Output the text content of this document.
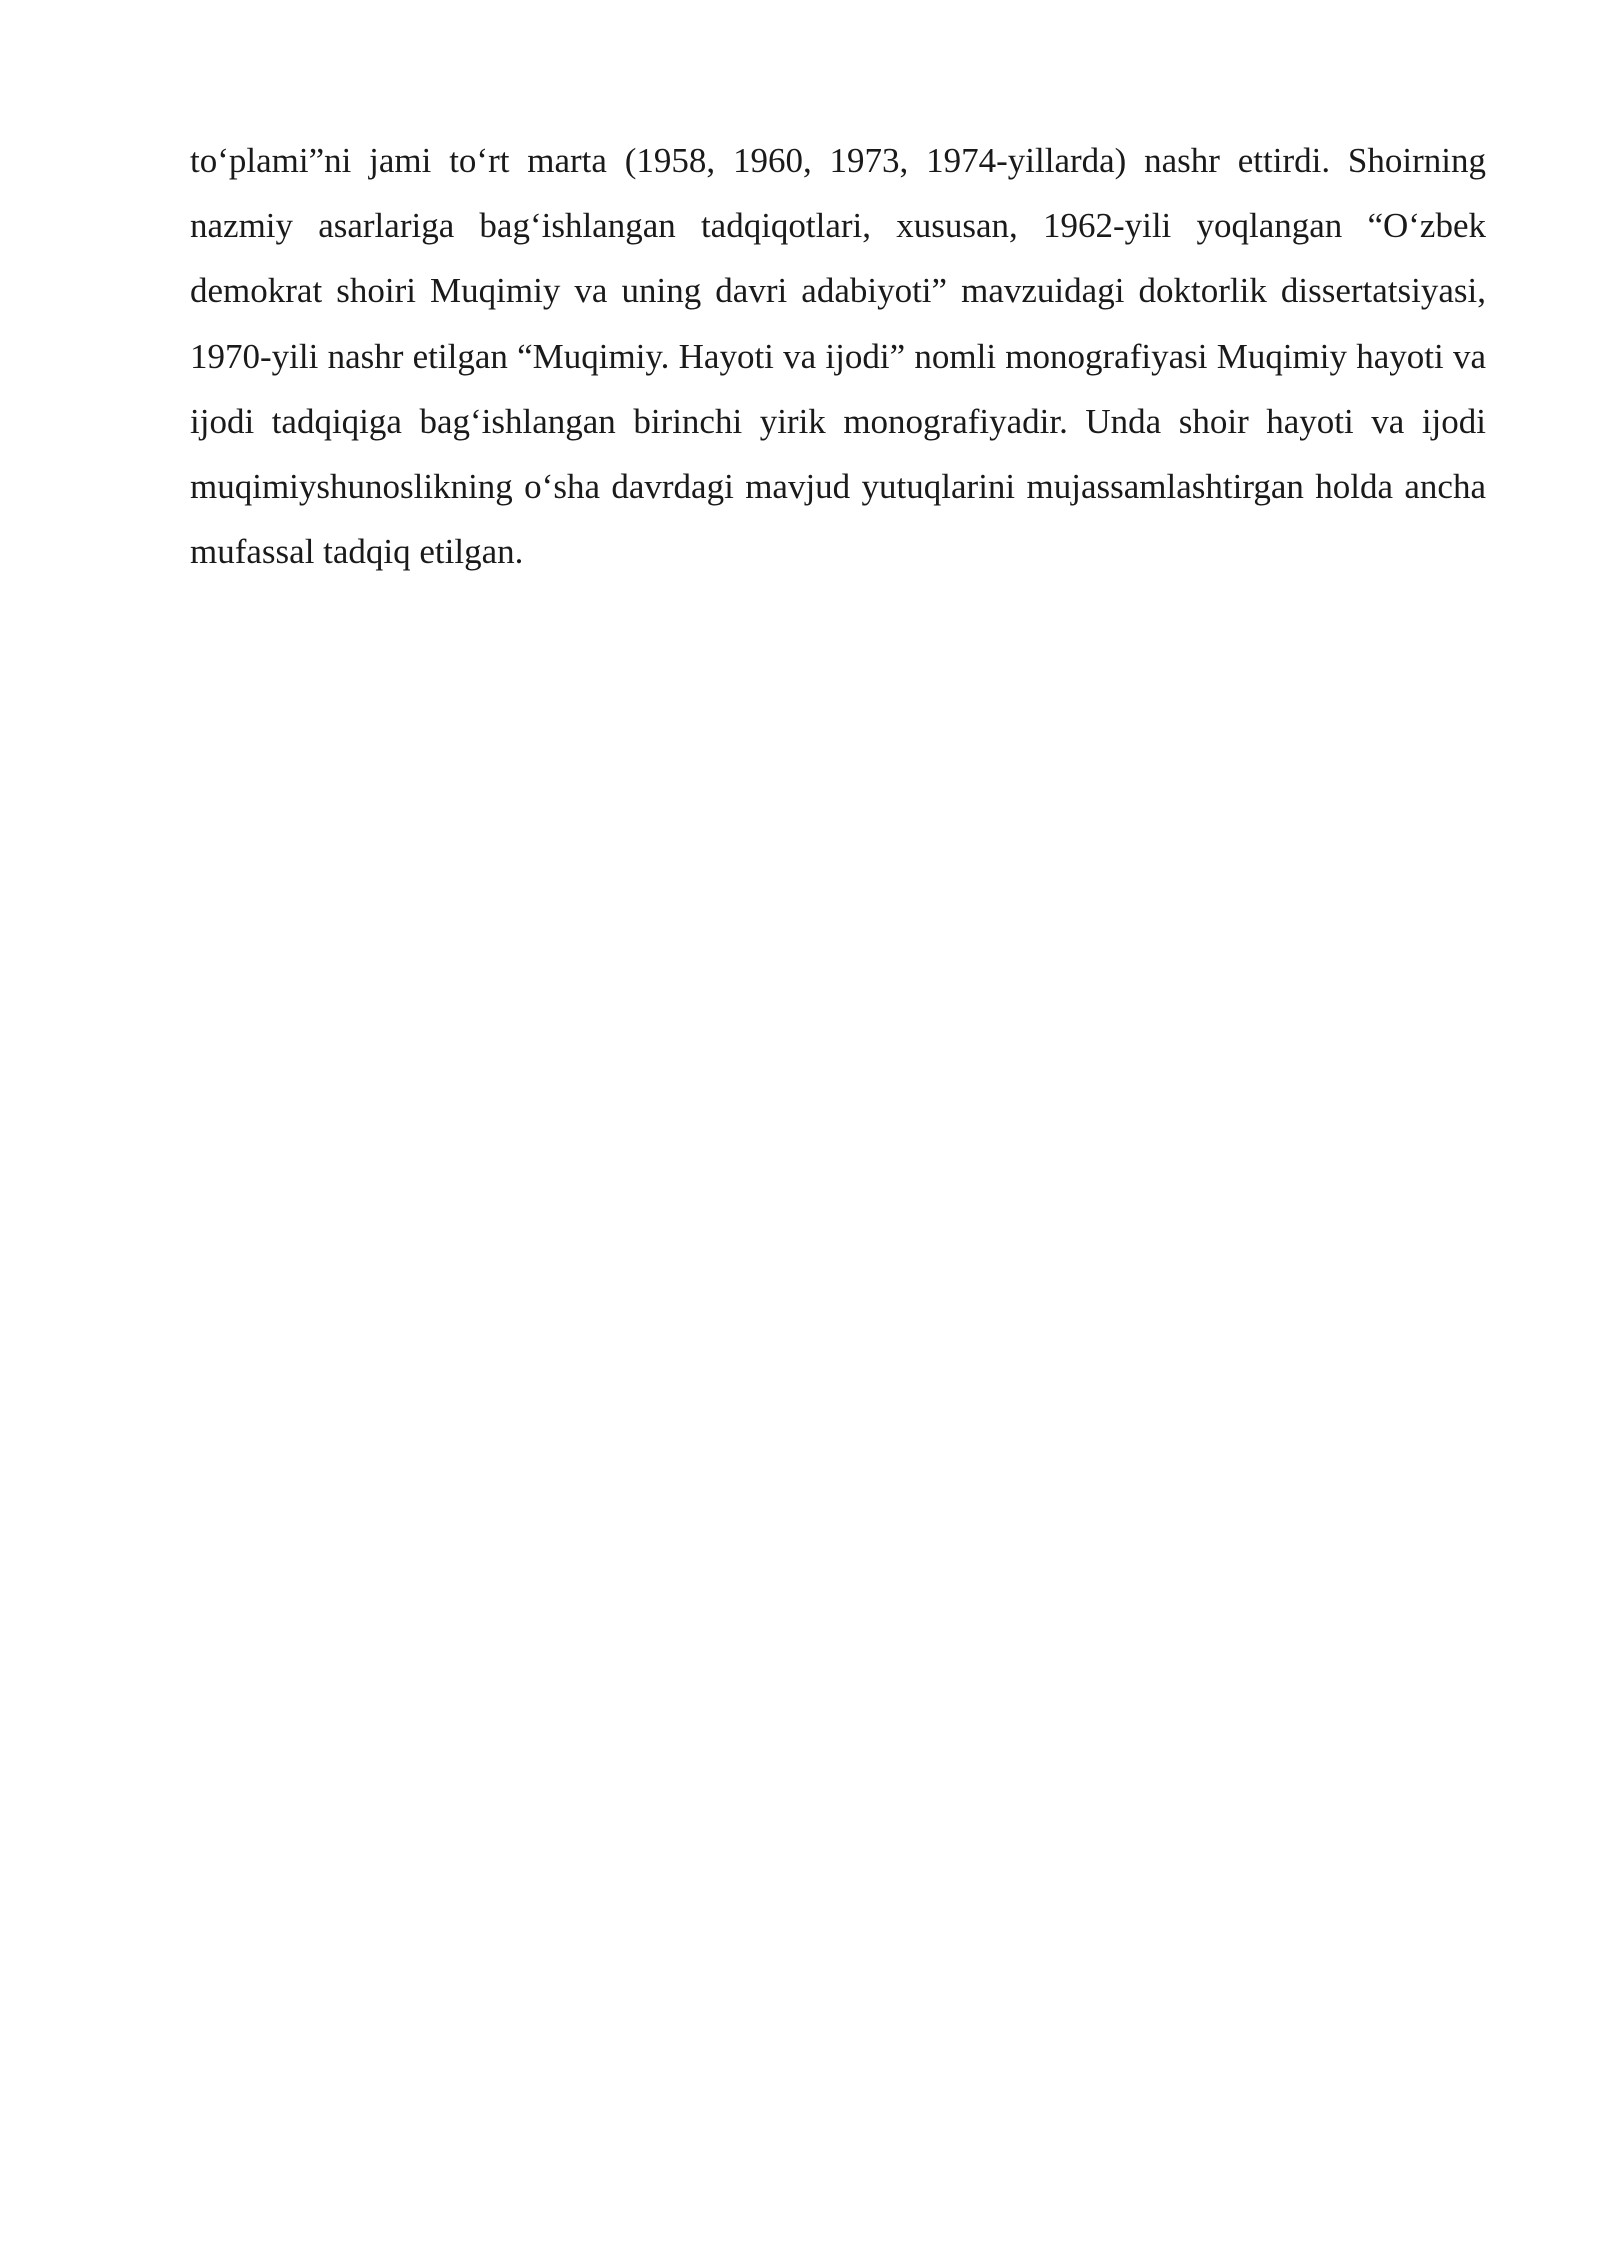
to‘plami”ni jami to‘rt marta (1958, 1960, 1973, 1974-yillarda) nashr ettirdi. Shoirning nazmiy asarlariga bag‘ishlangan tadqiqotlari, xususan, 1962-yili yoqlangan “O‘zbek demokrat shoiri Muqimiy va uning davri adabiyoti” mavzuidagi doktorlik dissertatsiyasi, 1970-yili nashr etilgan “Muqimiy. Hayoti va ijodi” nomli monografiyasi Muqimiy hayoti va ijodi tadqiqiga bag‘ishlangan birinchi yirik monografiyadir. Unda shoir hayoti va ijodi muqimiyshunoslikning o‘sha davrdagi mavjud yutuqlarini mujassamlashtirgan holda ancha mufassal tadqiq etilgan.
